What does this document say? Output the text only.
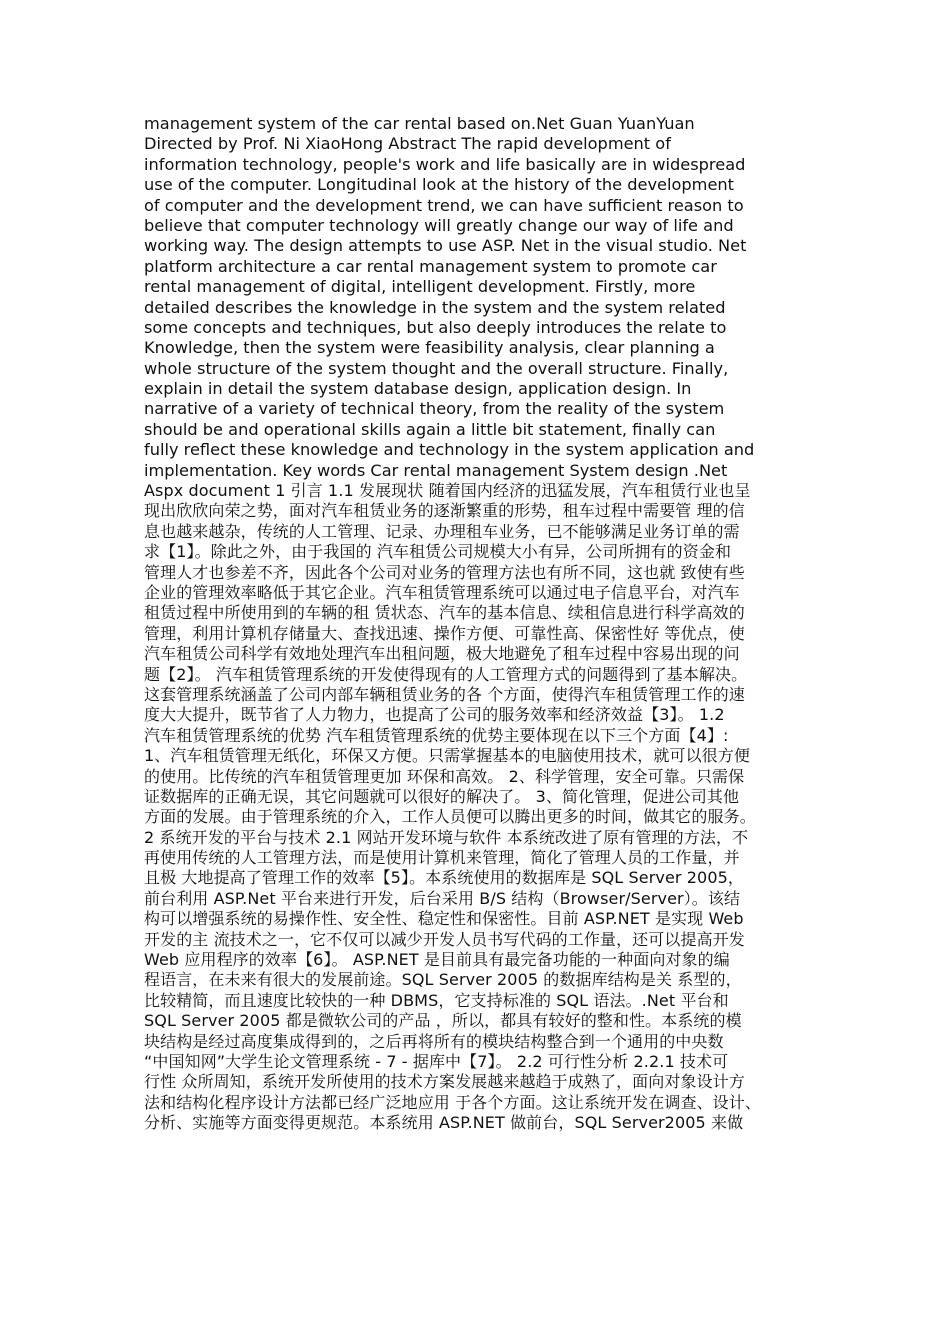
management system of the car rental based on.Net Guan YuanYuan
Directed by Prof. Ni XiaoHong Abstract The rapid development of
information technology, people's work and life basically are in widespread
use of the computer. Longitudinal look at the history of the development
of computer and the development trend, we can have sufficient reason to
believe that computer technology will greatly change our way of life and
working way. The design attempts to use ASP. Net in the visual studio. Net
platform architecture a car rental management system to promote car
rental management of digital, intelligent development. Firstly, more
detailed describes the knowledge in the system and the system related
some concepts and techniques, but also deeply introduces the relate to
Knowledge, then the system were feasibility analysis, clear planning a
whole structure of the system thought and the overall structure. Finally,
explain in detail the system database design, application design. In
narrative of a variety of technical theory, from the reality of the system
should be and operational skills again a little bit statement, finally can
fully reflect these knowledge and technology in the system application and
implementation. Key words Car rental management System design .Net
Aspx document 1 引言 1.1 发展现状 随着国内经济的迅猛发展，汽车租赁行业也呈
现出欣欣向荣之势，面对汽车租赁业务的逐渐繁重的形势，租车过程中需要管 理的信
息也越来越杂，传统的人工管理、记录、办理租车业务，已不能够满足业务订单的需
求【1】。除此之外，由于我国的 汽车租赁公司规模大小有异，公司所拥有的资金和
管理人才也参差不齐，因此各个公司对业务的管理方法也有所不同，这也就 致使有些
企业的管理效率略低于其它企业。汽车租赁管理系统可以通过电子信息平台，对汽车
租赁过程中所使用到的车辆的租 赁状态、汽车的基本信息、续租信息进行科学高效的
管理，利用计算机存储量大、查找迅速、操作方便、可靠性高、保密性好 等优点，使
汽车租赁公司科学有效地处理汽车出租问题，极大地避免了租车过程中容易出现的问
题【2】。 汽车租赁管理系统的开发使得现有的人工管理方式的问题得到了基本解决。
这套管理系统涵盖了公司内部车辆租赁业务的各 个方面，使得汽车租赁管理工作的速
度大大提升，既节省了人力物力，也提高了公司的服务效率和经济效益【3】。 1.2
汽车租赁管理系统的优势 汽车租赁管理系统的优势主要体现在以下三个方面【4】:
1、汽车租赁管理无纸化，环保又方便。只需掌握基本的电脑使用技术，就可以很方便
的使用。比传统的汽车租赁管理更加 环保和高效。 2、科学管理，安全可靠。只需保
证数据库的正确无误，其它问题就可以很好的解决了。 3、简化管理，促进公司其他
方面的发展。由于管理系统的介入，工作人员便可以腾出更多的时间，做其它的服务。
2 系统开发的平台与技术 2.1 网站开发环境与软件 本系统改进了原有管理的方法，不
再使用传统的人工管理方法，而是使用计算机来管理，简化了管理人员的工作量，并
且极 大地提高了管理工作的效率【5】。本系统使用的数据库是 SQL Server 2005，
前台利用 ASP.Net 平台来进行开发，后台采用 B/S 结构（Browser/Server）。该结
构可以增强系统的易操作性、安全性、稳定性和保密性。目前 ASP.NET 是实现 Web
开发的主 流技术之一，它不仅可以减少开发人员书写代码的工作量，还可以提高开发
Web 应用程序的效率【6】。 ASP.NET 是目前具有最完备功能的一种面向对象的编
程语言，在未来有很大的发展前途。SQL Server 2005 的数据库结构是关 系型的，
比较精简，而且速度比较快的一种 DBMS，它支持标准的 SQL 语法。.Net 平台和
SQL Server 2005 都是微软公司的产品 ，所以，都具有较好的整和性。本系统的模
块结构是经过高度集成得到的，之后再将所有的模块结构整合到一个通用的中央数
“中国知网”大学生论文管理系统 - 7 - 据库中【7】。 2.2 可行性分析 2.2.1 技术可
行性 众所周知，系统开发所使用的技术方案发展越来越趋于成熟了，面向对象设计方
法和结构化程序设计方法都已经广泛地应用 于各个方面。这让系统开发在调查、设计、
分析、实施等方面变得更规范。本系统用 ASP.NET 做前台，SQL Server2005 来做
